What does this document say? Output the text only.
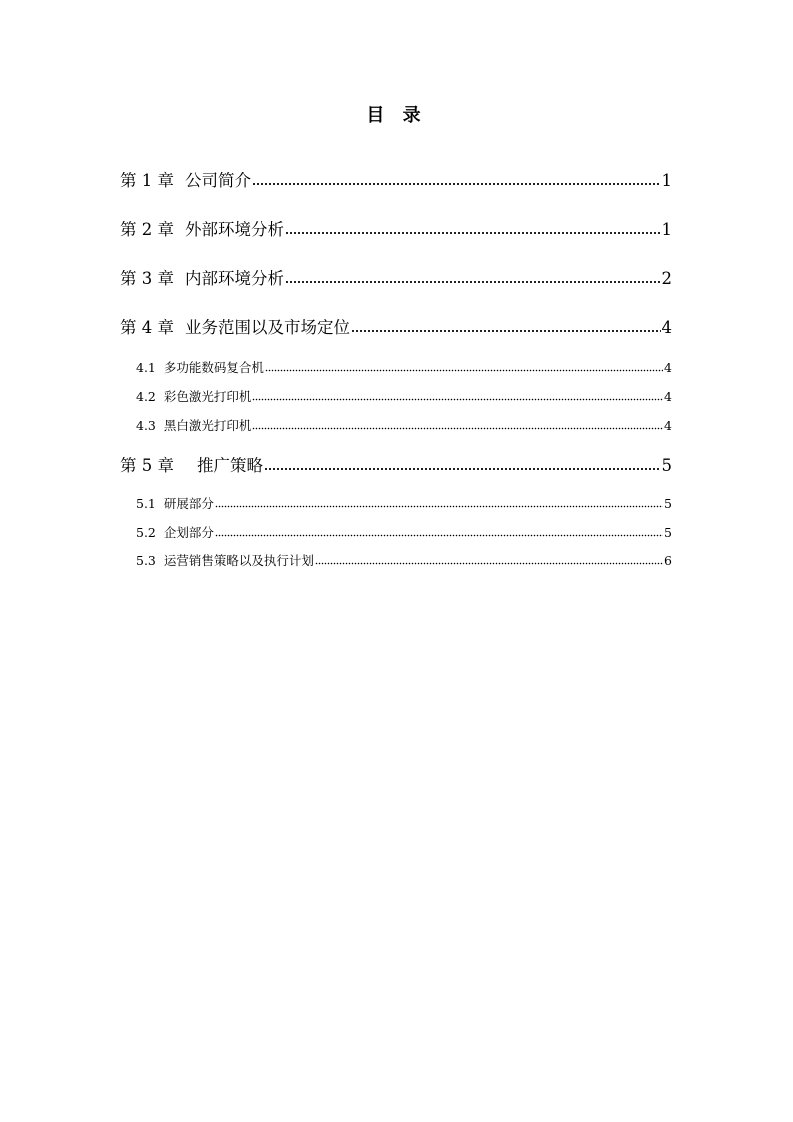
目 录
第 1 章 公司简介	1
第 2 章 外部环境分析	1
第 3 章 内部环境分析	2
第 4 章 业务范围以及市场定位	4
4.1 多功能数码复合机	4
4.2 彩色激光打印机	4
4.3 黑白激光打印机	4
第 5 章 推广策略	5
5.1 研展部分	5
5.2 企划部分	5
5.3 运营销售策略以及执行计划	6
